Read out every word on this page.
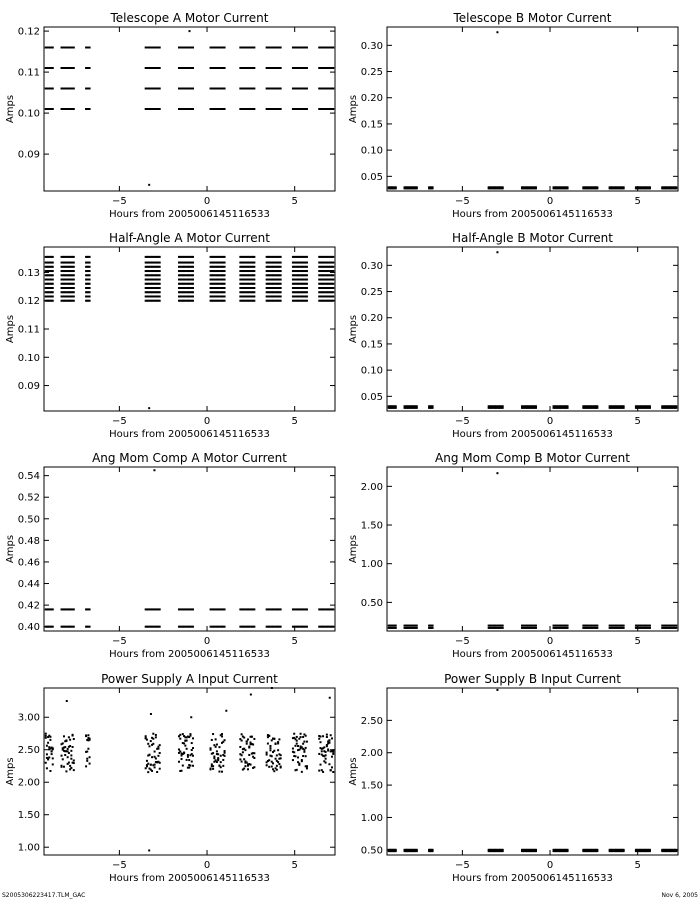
Telescope A Motor Current
Hours from 2005006145116533
Amps
−5	0	5
0.09
0.10
0.11
0.12
Telescope B Motor Current
Hours from 2005006145116533
Amps
−5	0	5
0.05
0.10
0.15
0.20
0.25
0.30
Half-Angle A Motor Current
Hours from 2005006145116533
Amps
−5	0	5
0.09
0.10
0.11
0.12
0.13
Half-Angle B Motor Current
Hours from 2005006145116533
Amps
−5	0	5
0.05
0.10
0.15
0.20
0.25
0.30
Ang Mom Comp A Motor Current
Hours from 2005006145116533
Amps
−5	0	5
0.40
0.42
0.44
0.46
0.48
0.50
0.52
0.54
Ang Mom Comp B Motor Current
Hours from 2005006145116533
Amps
−5	0	5
0.50
1.00
1.50
2.00
Power Supply A Input Current
Hours from 2005006145116533
Amps
−5	0	5
1.00
1.50
2.00
2.50
3.00
Power Supply B Input Current
Hours from 2005006145116533
Amps
−5	0	5
0.50
1.00
1.50
2.00
2.50
S2005306223417.TLM_GAC	Nov 6, 2005
